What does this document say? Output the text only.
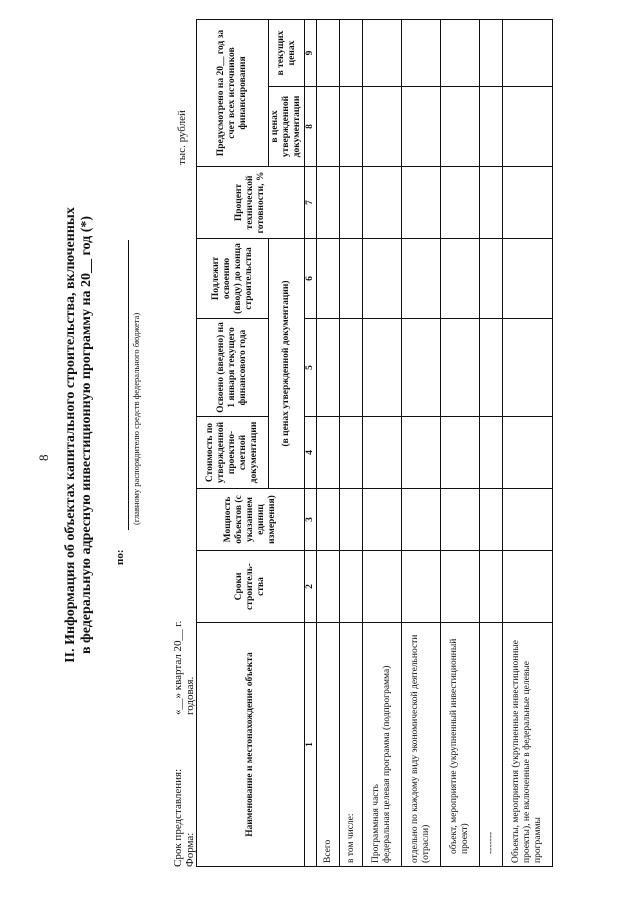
8 II. Информация об объектах капитального строительства, включенных в федеральную адресную инвестиционную программу на 20__ год (*) по:
(главному распорядителю средств федерального бюджета)
Срок представления:
«__» квартал 20__ г.
Форма:
годовая.
тыс. рублей
Наименование и местонахождение объекта	Сроки строитель-ства	Мощность объектов (с указанием единиц измерения)	Стоимость по утвержденной проектно-сметной документации	Освоено (введено) на 1 января текущего финансового года	Подлежит освоению (вводу) до конца строительства	Процент технической готовности, %	Предусмотрено на 20__ год за счет всех источников финансирования	
			(в ценах утвержденной документации)				в ценах утвержденной документации	в текущих ценах
1	2	3	4	5	6	7	8	9
Всего								
в том числе:								

Программная часть федеральная целевая программа (подпрограмма)								

отдельно по каждому виду экономической деятельности (отрасли)								
объект, мероприятие (укрупненный инвестиционный проект)								
-------								
Объекты, мероприятия (укрупненные инвестиционные проекты), не включенные в федеральные целевые программы								
